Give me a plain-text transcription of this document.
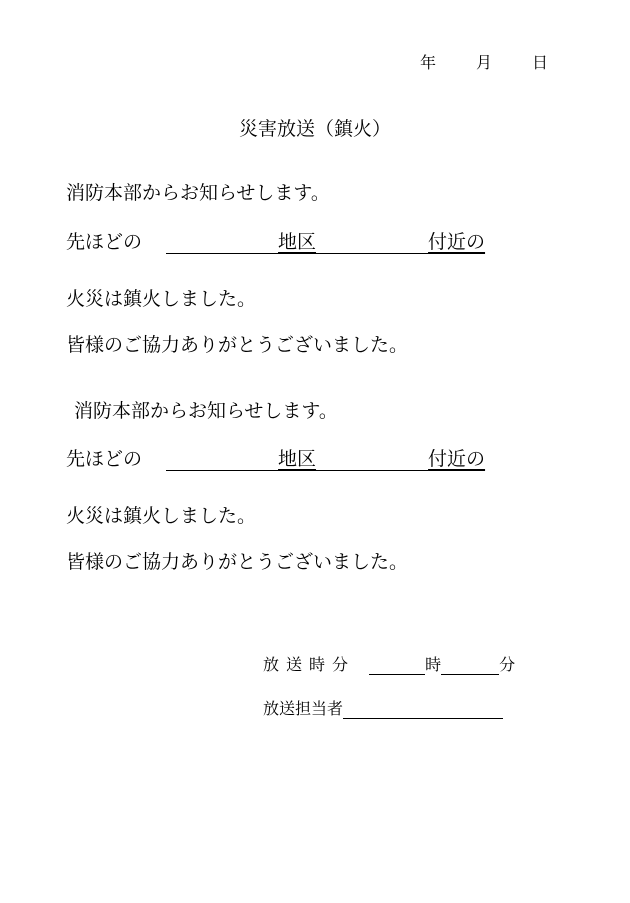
年	月	日
災害放送（鎮火）
消防本部からお知らせします。
先ほどの	地区	付近の
火災は鎮火しました。
皆様のご協力ありがとうございました。
消防本部からお知らせします。
先ほどの	地区	付近の
火災は鎮火しました。
皆様のご協力ありがとうございました。
放 送 時 分	時	分
放送担当者
